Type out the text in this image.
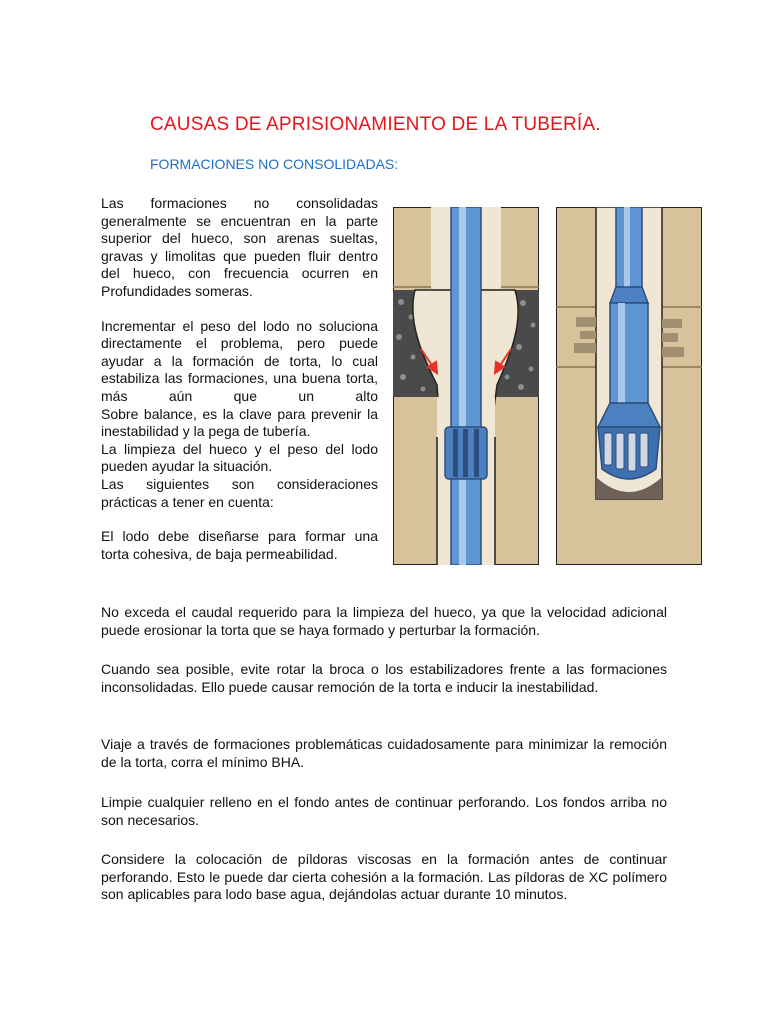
CAUSAS DE APRISIONAMIENTO DE LA TUBERÍA.
FORMACIONES NO CONSOLIDADAS:

Las formaciones no consolidadas generalmente se encuentran en la parte superior del hueco, son arenas sueltas, gravas y limolitas que pueden fluir dentro del hueco, con frecuencia ocurren en

Profundidades someras.

Incrementar el peso del lodo no soluciona directamente el problema, pero puede ayudar a la formación de torta, lo cual estabiliza las formaciones, una buena torta, más aún que un alto

Sobre balance, es la clave para prevenir la inestabilidad y la pega de tubería.

La limpieza del hueco y el peso del lodo pueden ayudar la situación.

Las siguientes son consideraciones prácticas a tener en cuenta:

El lodo debe diseñarse para formar una torta cohesiva, de baja permeabilidad.

No exceda el caudal requerido para la limpieza del hueco, ya que la velocidad adicional puede erosionar la torta que se haya formado y perturbar la formación.

Cuando sea posible, evite rotar la broca o los estabilizadores frente a las formaciones inconsolidadas. Ello puede causar remoción de la torta e inducir la inestabilidad.

Viaje a través de formaciones problemáticas cuidadosamente para minimizar la remoción de la torta, corra el mínimo BHA.

Limpie cualquier relleno en el fondo antes de continuar perforando. Los fondos arriba no son necesarios.

Considere la colocación de píldoras viscosas en la formación antes de continuar perforando. Esto le puede dar cierta cohesión a la formación. Las píldoras de XC polímero son aplicables para lodo base agua, dejándolas actuar durante 10 minutos.
